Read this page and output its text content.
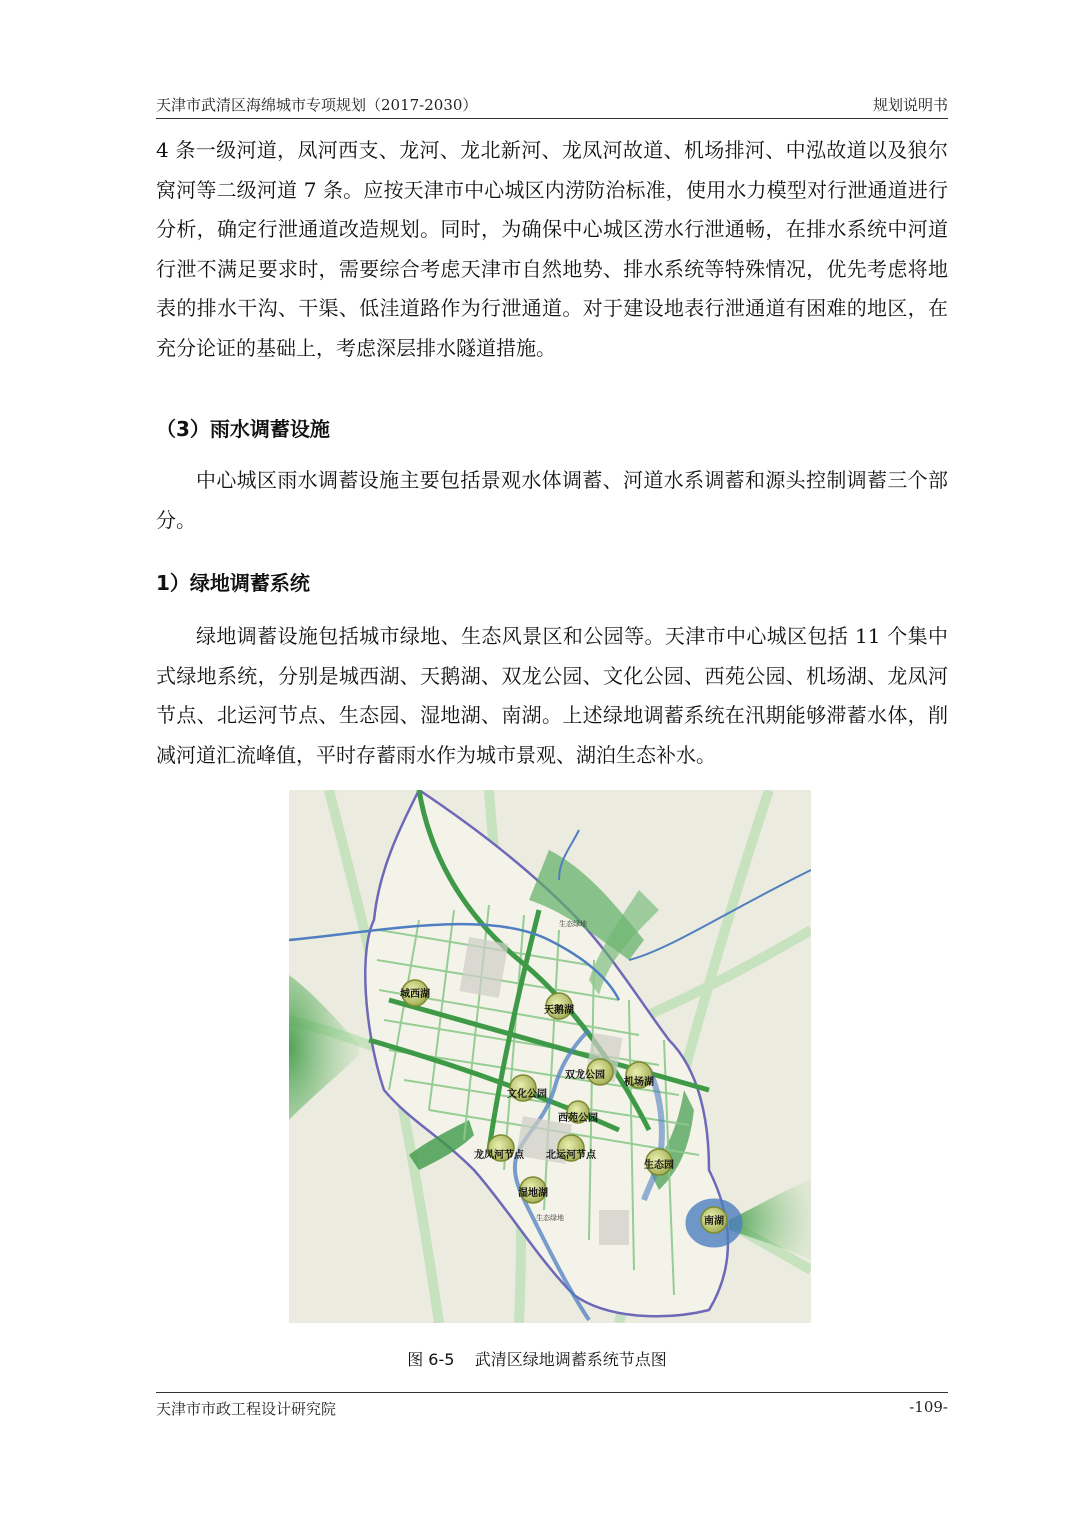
天津市武清区海绵城市专项规划（2017-2030）	规划说明书

4 条一级河道，凤河西支、龙河、龙北新河、龙凤河故道、机场排河、中泓故道以及狼尔窝河等二级河道 7 条。应按天津市中心城区内涝防治标准，使用水力模型对行泄通道进行分析，确定行泄通道改造规划。同时，为确保中心城区涝水行泄通畅，在排水系统中河道行泄不满足要求时，需要综合考虑天津市自然地势、排水系统等特殊情况，优先考虑将地表的排水干沟、干渠、低洼道路作为行泄通道。对于建设地表行泄通道有困难的地区，在充分论证的基础上，考虑深层排水隧道措施。

（3）雨水调蓄设施

中心城区雨水调蓄设施主要包括景观水体调蓄、河道水系调蓄和源头控制调蓄三个部分。

1）绿地调蓄系统

绿地调蓄设施包括城市绿地、生态风景区和公园等。天津市中心城区包括 11 个集中式绿地系统，分别是城西湖、天鹅湖、双龙公园、文化公园、西苑公园、机场湖、龙凤河节点、北运河节点、生态园、湿地湖、南湖。上述绿地调蓄系统在汛期能够滞蓄水体，削减河道汇流峰值，平时存蓄雨水作为城市景观、湖泊生态补水。

生态绿地
生态绿地
城西湖
天鹅湖
双龙公园
文化公园
机场湖
西苑公园
龙凤河节点 北运河节点
生态园
湿地湖
南湖
图 6-5 武清区绿地调蓄系统节点图
天津市市政工程设计研究院	-109-
